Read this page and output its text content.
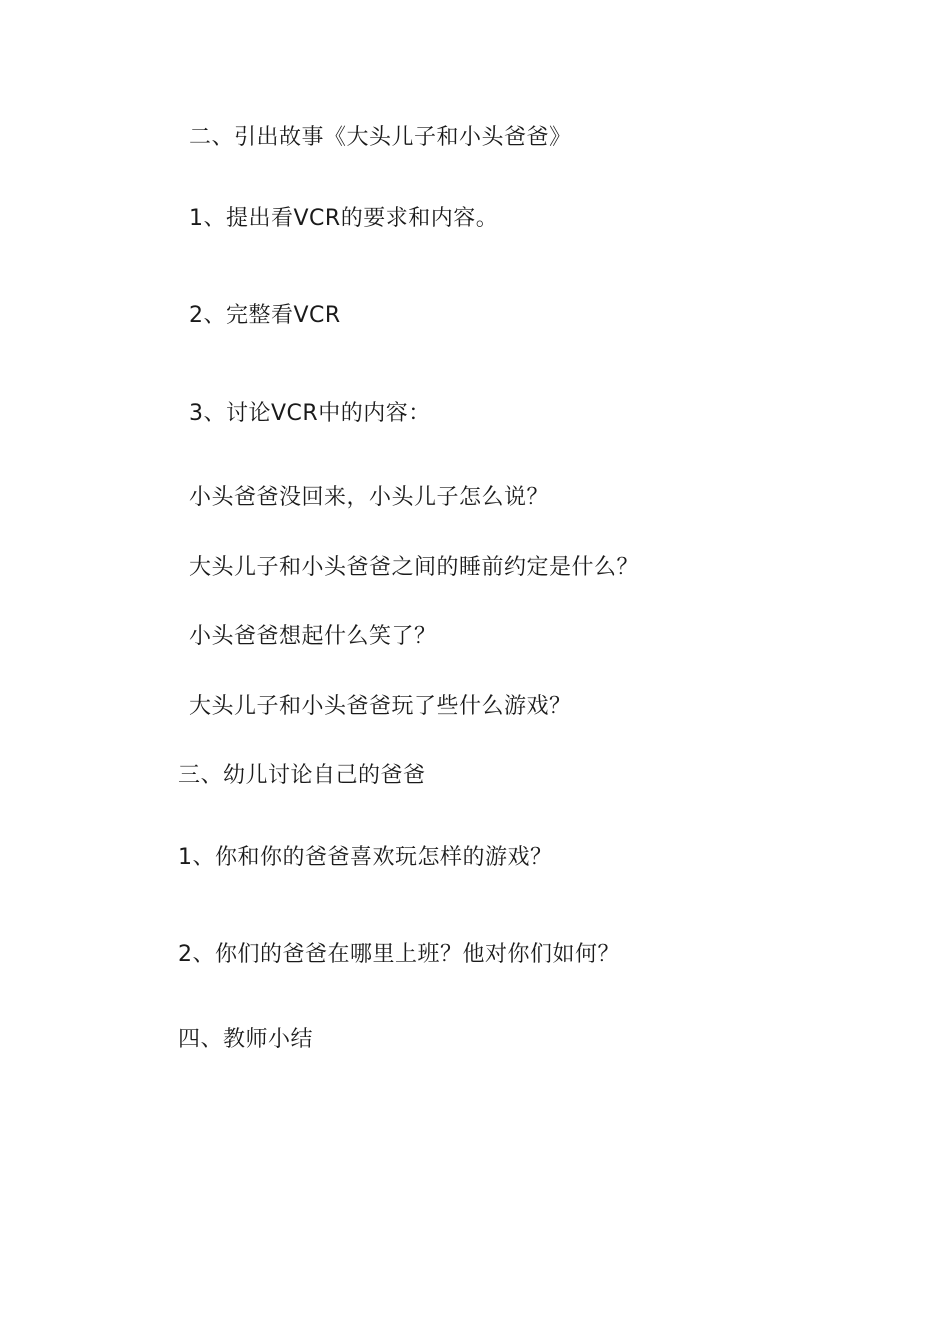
二、引出故事《大头儿子和小头爸爸》
1、提出看VCR的要求和内容。
2、完整看VCR
3、讨论VCR中的内容：
小头爸爸没回来，小头儿子怎么说？
大头儿子和小头爸爸之间的睡前约定是什么？
小头爸爸想起什么笑了？
大头儿子和小头爸爸玩了些什么游戏？
三、幼儿讨论自己的爸爸
1、你和你的爸爸喜欢玩怎样的游戏？
2、你们的爸爸在哪里上班？他对你们如何？
四、教师小结
